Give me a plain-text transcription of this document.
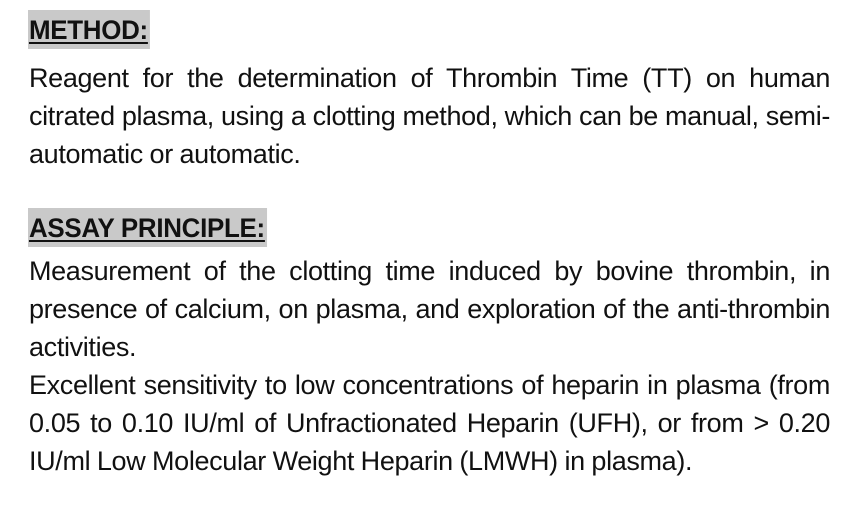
METHOD:

Reagent for the determination of Thrombin Time (TT) on human citrated plasma, using a clotting method, which can be manual, semi-automatic or automatic.

ASSAY PRINCIPLE:

Measurement of the clotting time induced by bovine thrombin, in presence of calcium, on plasma, and exploration of the anti-thrombin activities.

Excellent sensitivity to low concentrations of heparin in plasma (from 0.05 to 0.10 IU/ml of Unfractionated Heparin (UFH), or from > 0.20 IU/ml Low Molecular Weight Heparin (LMWH) in plasma).
